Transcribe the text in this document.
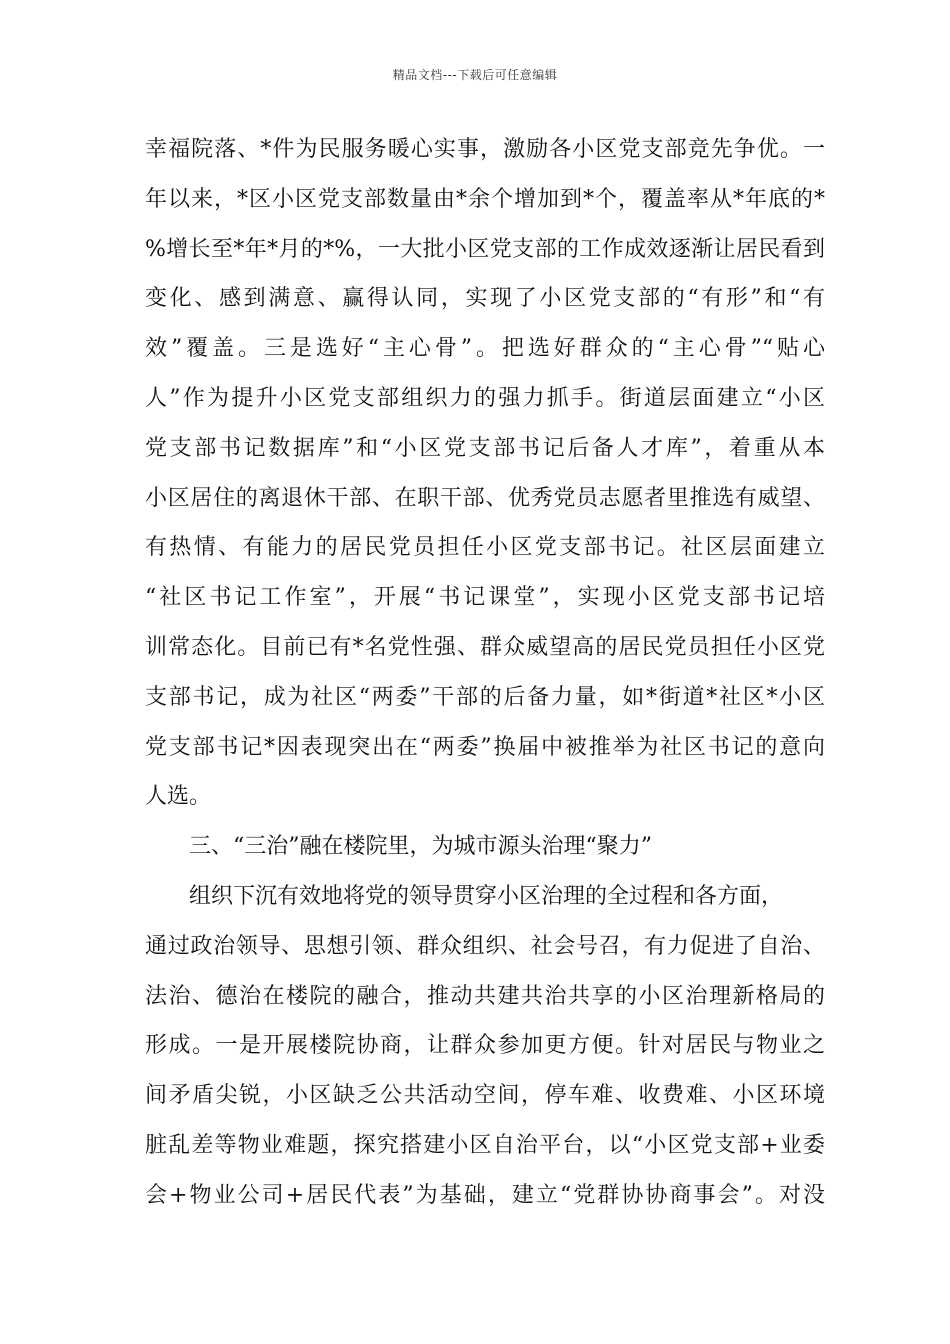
精品文档---下载后可任意编辑
幸福院落、*件为民服务暖心实事，激励各小区党支部竞先争优。一
年以来，*区小区党支部数量由*余个增加到*个，覆盖率从*年底的*
%增长至*年*月的*%，一大批小区党支部的工作成效逐渐让居民看到
变化、感到满意、赢得认同，实现了小区党支部的“有形”和“有
效”覆盖。三是选好“主心骨”。把选好群众的“主心骨”“贴心
人”作为提升小区党支部组织力的强力抓手。街道层面建立“小区
党支部书记数据库”和“小区党支部书记后备人才库”，着重从本
小区居住的离退休干部、在职干部、优秀党员志愿者里推选有威望、
有热情、有能力的居民党员担任小区党支部书记。社区层面建立
“社区书记工作室”，开展“书记课堂”，实现小区党支部书记培
训常态化。目前已有*名党性强、群众威望高的居民党员担任小区党
支部书记，成为社区“两委”干部的后备力量，如*街道*社区*小区
党支部书记*因表现突出在“两委”换届中被推举为社区书记的意向
人选。
三、“三治”融在楼院里，为城市源头治理“聚力”
组织下沉有效地将党的领导贯穿小区治理的全过程和各方面，
通过政治领导、思想引领、群众组织、社会号召，有力促进了自治、
法治、德治在楼院的融合，推动共建共治共享的小区治理新格局的
形成。一是开展楼院协商，让群众参加更方便。针对居民与物业之
间矛盾尖锐，小区缺乏公共活动空间，停车难、收费难、小区环境
脏乱差等物业难题，探究搭建小区自治平台，以“小区党支部+业委
会+物业公司+居民代表”为基础，建立“党群协协商事会”。对没
